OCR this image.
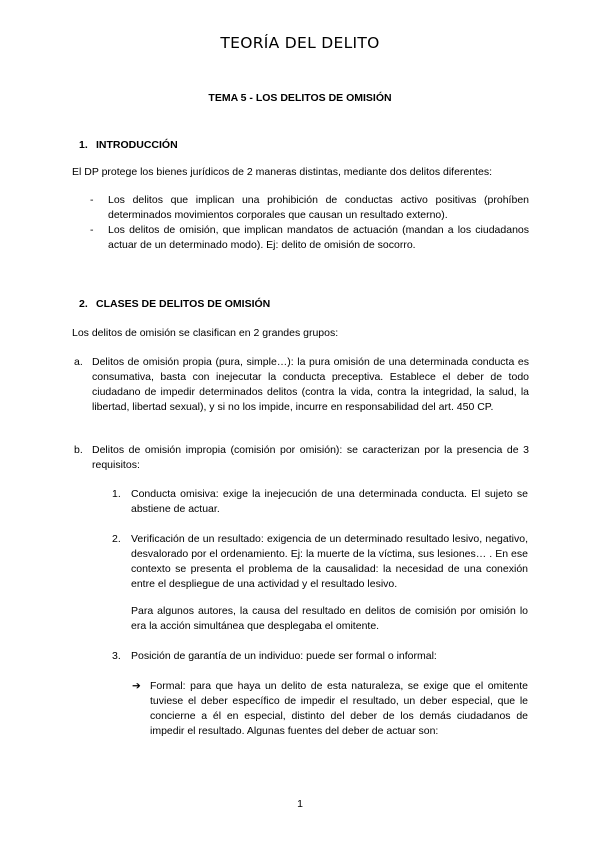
TEORÍA DEL DELITO
TEMA 5 - LOS DELITOS DE OMISIÓN
1. INTRODUCCIÓN
El DP protege los bienes jurídicos de 2 maneras distintas, mediante dos delitos diferentes:
- Los delitos que implican una prohibición de conductas activo positivas (prohíben determinados movimientos corporales que causan un resultado externo).
- Los delitos de omisión, que implican mandatos de actuación (mandan a los ciudadanos actuar de un determinado modo). Ej: delito de omisión de socorro.
2. CLASES DE DELITOS DE OMISIÓN
Los delitos de omisión se clasifican en 2 grandes grupos:
a. Delitos de omisión propia (pura, simple…): la pura omisión de una determinada conducta es consumativa, basta con inejecutar la conducta preceptiva. Establece el deber de todo ciudadano de impedir determinados delitos (contra la vida, contra la integridad, la salud, la libertad, libertad sexual), y si no los impide, incurre en responsabilidad del art. 450 CP.
b. Delitos de omisión impropia (comisión por omisión): se caracterizan por la presencia de 3 requisitos:
1. Conducta omisiva: exige la inejecución de una determinada conducta. El sujeto se abstiene de actuar.
2. Verificación de un resultado: exigencia de un determinado resultado lesivo, negativo, desvalorado por el ordenamiento. Ej: la muerte de la víctima, sus lesiones… . En ese contexto se presenta el problema de la causalidad: la necesidad de una conexión entre el despliegue de una actividad y el resultado lesivo.
Para algunos autores, la causa del resultado en delitos de comisión por omisión lo era la acción simultánea que desplegaba el omitente.
3. Posición de garantía de un individuo: puede ser formal o informal:
➔ Formal: para que haya un delito de esta naturaleza, se exige que el omitente tuviese el deber específico de impedir el resultado, un deber especial, que le concierne a él en especial, distinto del deber de los demás ciudadanos de impedir el resultado. Algunas fuentes del deber de actuar son:
1
